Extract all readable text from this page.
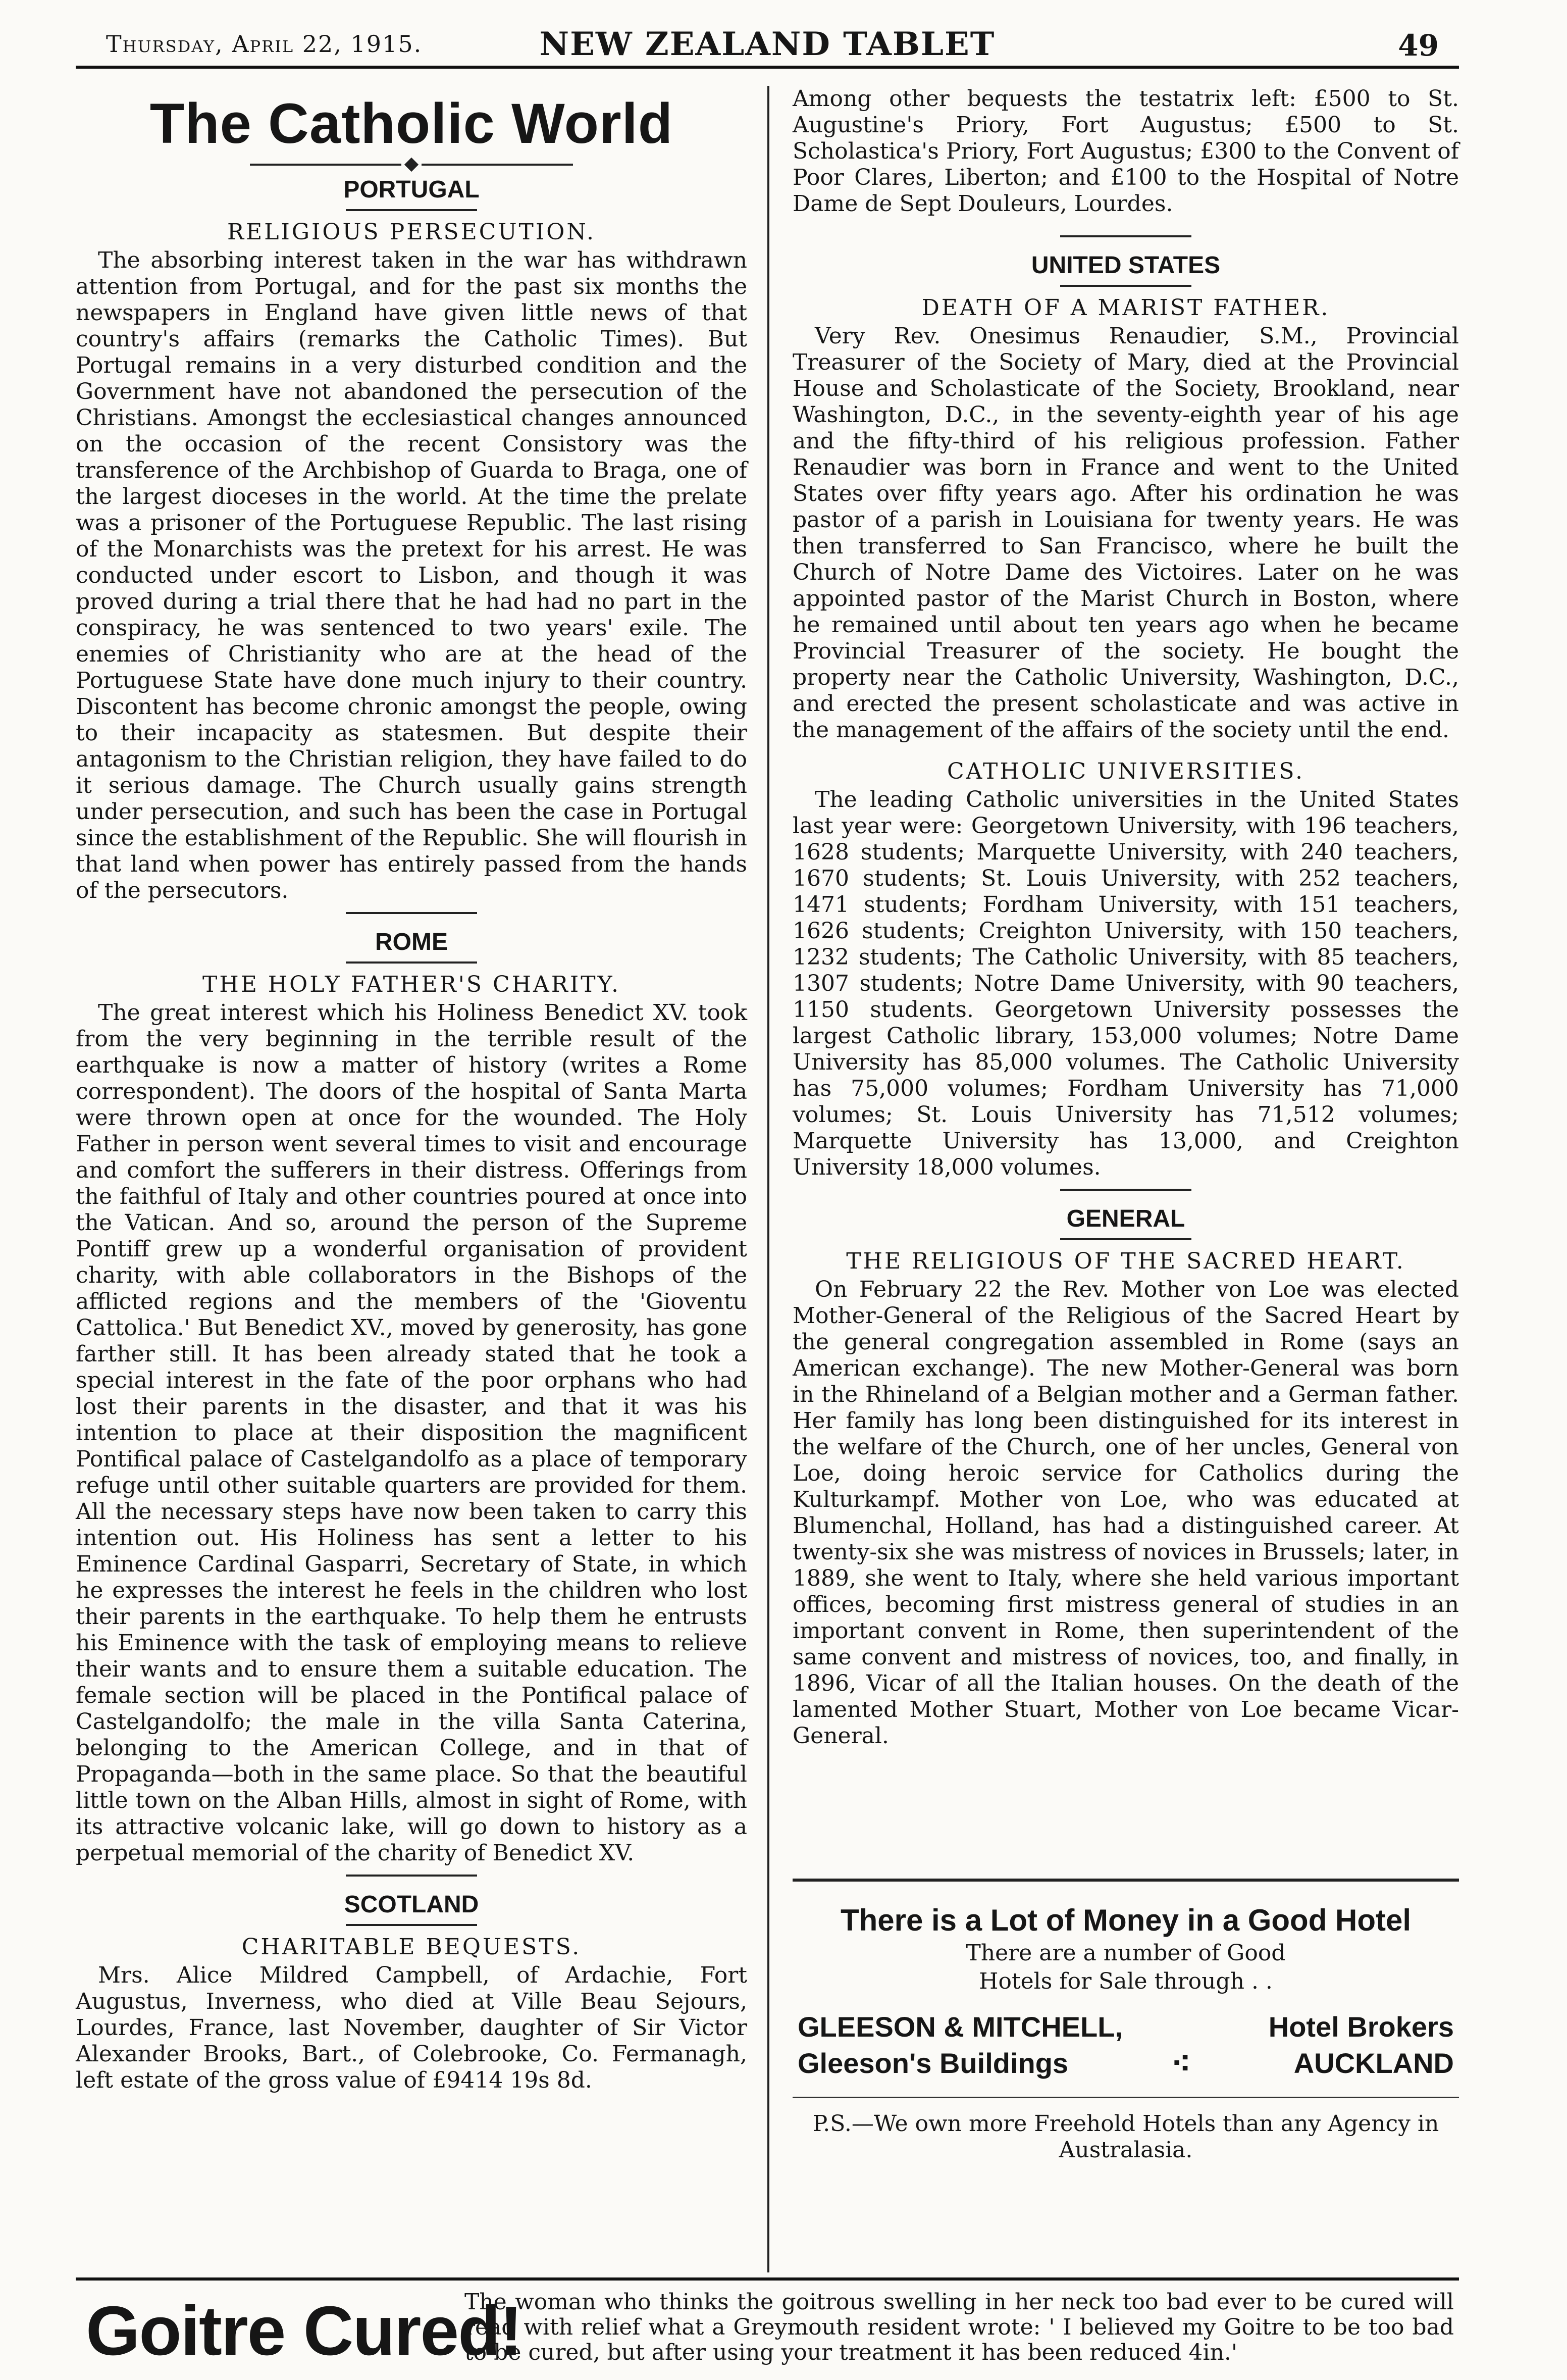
Thursday, April 22, 1915.	NEW ZEALAND TABLET	49
The Catholic World
PORTUGAL
RELIGIOUS PERSECUTION.

The absorbing interest taken in the war has withdrawn attention from Portugal, and for the past six months the newspapers in England have given little news of that country's affairs (remarks the Catholic Times). But Portugal remains in a very disturbed condition and the Government have not abandoned the persecution of the Christians. Amongst the ecclesiastical changes announced on the occasion of the recent Consistory was the transference of the Archbishop of Guarda to Braga, one of the largest dioceses in the world. At the time the prelate was a prisoner of the Portuguese Republic. The last rising of the Monarchists was the pretext for his arrest. He was conducted under escort to Lisbon, and though it was proved during a trial there that he had had no part in the conspiracy, he was sentenced to two years' exile. The enemies of Christianity who are at the head of the Portuguese State have done much injury to their country. Discontent has become chronic amongst the people, owing to their incapacity as statesmen. But despite their antagonism to the Christian religion, they have failed to do it serious damage. The Church usually gains strength under persecution, and such has been the case in Portugal since the establishment of the Republic. She will flourish in that land when power has entirely passed from the hands of the persecutors.

ROME
THE HOLY FATHER'S CHARITY.

The great interest which his Holiness Benedict XV. took from the very beginning in the terrible result of the earthquake is now a matter of history (writes a Rome correspondent). The doors of the hospital of Santa Marta were thrown open at once for the wounded. The Holy Father in person went several times to visit and encourage and comfort the sufferers in their distress. Offerings from the faithful of Italy and other countries poured at once into the Vatican. And so, around the person of the Supreme Pontiff grew up a wonderful organisation of provident charity, with able collaborators in the Bishops of the afflicted regions and the members of the 'Gioventu Cattolica.' But Benedict XV., moved by generosity, has gone farther still. It has been already stated that he took a special interest in the fate of the poor orphans who had lost their parents in the disaster, and that it was his intention to place at their disposition the magnificent Pontifical palace of Castelgandolfo as a place of temporary refuge until other suitable quarters are provided for them. All the necessary steps have now been taken to carry this intention out. His Holiness has sent a letter to his Eminence Cardinal Gasparri, Secretary of State, in which he expresses the interest he feels in the children who lost their parents in the earthquake. To help them he entrusts his Eminence with the task of employing means to relieve their wants and to ensure them a suitable education. The female section will be placed in the Pontifical palace of Castelgandolfo; the male in the villa Santa Caterina, belonging to the American College, and in that of Propaganda—both in the same place. So that the beautiful little town on the Alban Hills, almost in sight of Rome, with its attractive volcanic lake, will go down to history as a perpetual memorial of the charity of Benedict XV.

SCOTLAND
CHARITABLE BEQUESTS.

Mrs. Alice Mildred Campbell, of Ardachie, Fort Augustus, Inverness, who died at Ville Beau Sejours, Lourdes, France, last November, daughter of Sir Victor Alexander Brooks, Bart., of Colebrooke, Co. Fermanagh, left estate of the gross value of £9414 19s 8d.

Among other bequests the testatrix left: £500 to St. Augustine's Priory, Fort Augustus; £500 to St. Scholastica's Priory, Fort Augustus; £300 to the Convent of Poor Clares, Liberton; and £100 to the Hospital of Notre Dame de Sept Douleurs, Lourdes.

UNITED STATES
DEATH OF A MARIST FATHER.

Very Rev. Onesimus Renaudier, S.M., Provincial Treasurer of the Society of Mary, died at the Provincial House and Scholasticate of the Society, Brookland, near Washington, D.C., in the seventy-eighth year of his age and the fifty-third of his religious profession. Father Renaudier was born in France and went to the United States over fifty years ago. After his ordination he was pastor of a parish in Louisiana for twenty years. He was then transferred to San Francisco, where he built the Church of Notre Dame des Victoires. Later on he was appointed pastor of the Marist Church in Boston, where he remained until about ten years ago when he became Provincial Treasurer of the society. He bought the property near the Catholic University, Washington, D.C., and erected the present scholasticate and was active in the management of the affairs of the society until the end.

CATHOLIC UNIVERSITIES.

The leading Catholic universities in the United States last year were: Georgetown University, with 196 teachers, 1628 students; Marquette University, with 240 teachers, 1670 students; St. Louis University, with 252 teachers, 1471 students; Fordham University, with 151 teachers, 1626 students; Creighton University, with 150 teachers, 1232 students; The Catholic University, with 85 teachers, 1307 students; Notre Dame University, with 90 teachers, 1150 students. Georgetown University possesses the largest Catholic library, 153,000 volumes; Notre Dame University has 85,000 volumes. The Catholic University has 75,000 volumes; Fordham University has 71,000 volumes; St. Louis University has 71,512 volumes; Marquette University has 13,000, and Creighton University 18,000 volumes.

GENERAL
THE RELIGIOUS OF THE SACRED HEART.

On February 22 the Rev. Mother von Loe was elected Mother-General of the Religious of the Sacred Heart by the general congregation assembled in Rome (says an American exchange). The new Mother-General was born in the Rhineland of a Belgian mother and a German father. Her family has long been distinguished for its interest in the welfare of the Church, one of her uncles, General von Loe, doing heroic service for Catholics during the Kulturkampf. Mother von Loe, who was educated at Blumenchal, Holland, has had a distinguished career. At twenty-six she was mistress of novices in Brussels; later, in 1889, she went to Italy, where she held various important offices, becoming first mistress general of studies in an important convent in Rome, then superintendent of the same convent and mistress of novices, too, and finally, in 1896, Vicar of all the Italian houses. On the death of the lamented Mother Stuart, Mother von Loe became Vicar-General.

There is a Lot of Money in a Good Hotel
There are a number of Good
Hotels for Sale through . .
GLEESON & MITCHELL,	Hotel Brokers
Gleeson's Buildings	⁖	AUCKLAND
P.S.—We own more Freehold Hotels than any Agency in Australasia.
Goitre Cured!
The woman who thinks the goitrous swelling in her neck too bad ever to be cured will read with relief what a Greymouth resident wrote: ' I believed my Goitre to be too bad to be cured, but after using your treatment it has been reduced 4in.'
